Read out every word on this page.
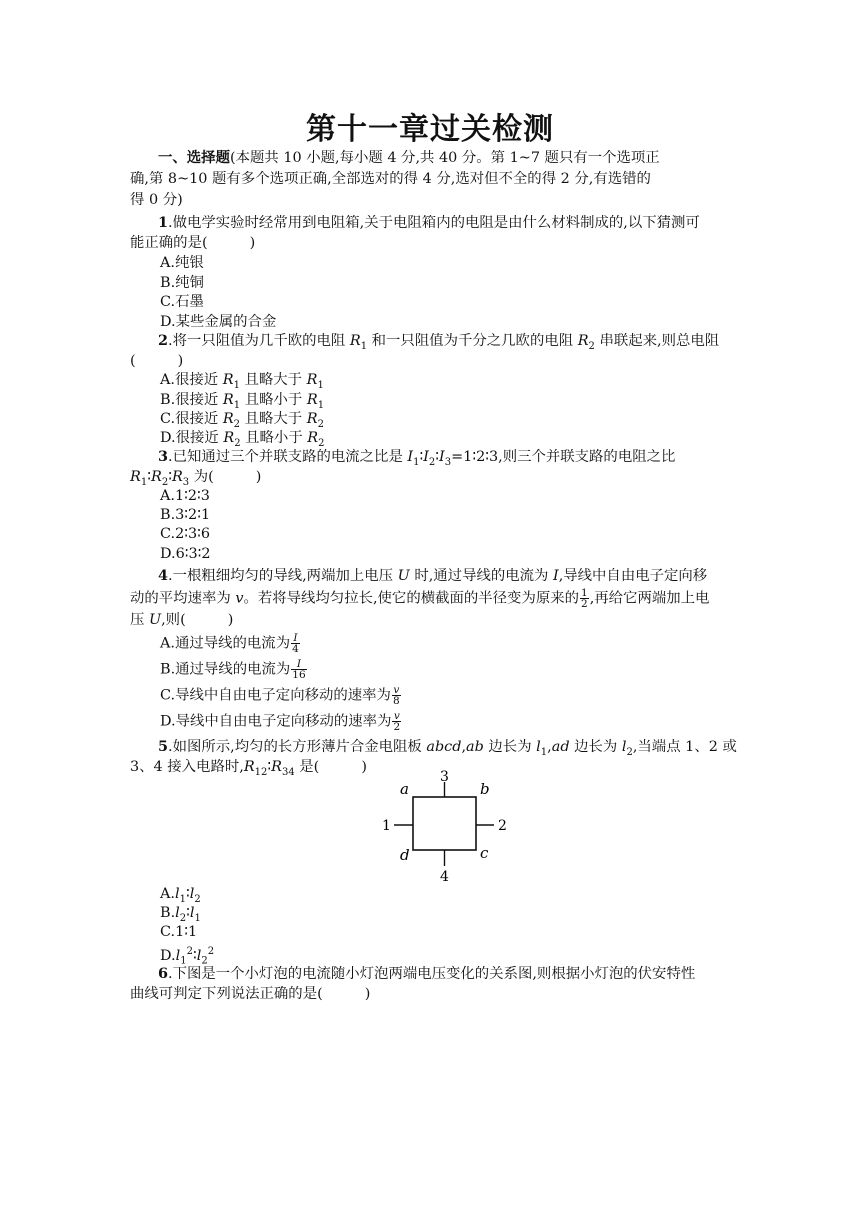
第十一章过关检测
一、选择题(本题共 10 小题,每小题 4 分,共 40 分。第 1~7 题只有一个选项正
确,第 8~10 题有多个选项正确,全部选对的得 4 分,选对但不全的得 2 分,有选错的
得 0 分)
1.做电学实验时经常用到电阻箱,关于电阻箱内的电阻是由什么材料制成的,以下猜测可
能正确的是(	)
A.纯银
B.纯铜
C.石墨
D.某些金属的合金
2.将一只阻值为几千欧的电阻 $R_1$ 和一只阻值为千分之几欧的电阻 $R_2$ 串联起来,则总电阻
(	)
A.很接近 $R_1$ 且略大于 $R_1$
B.很接近 $R_1$ 且略小于 $R_1$
C.很接近 $R_2$ 且略大于 $R_2$
D.很接近 $R_2$ 且略小于 $R_2$
3.已知通过三个并联支路的电流之比是 $I_1∶I_2∶I_3=1∶2∶3$,则三个并联支路的电阻之比
$R_1∶R_2∶R_3$ 为(	)
A.1∶2∶3
B.3∶2∶1
C.2∶3∶6
D.6∶3∶2
4.一根粗细均匀的导线,两端加上电压 U 时,通过导线的电流为 I,导线中自由电子定向移
动的平均速率为 v。若将导线均匀拉长,使它的横截面的半径变为原来的 $\frac{1}{2}$ ,再给它两端加上电
压 U,则(	)
A.通过导线的电流为 $\frac{I}{4}$
B.通过导线的电流为 $\frac{I}{16}$
C.导线中自由电子定向移动的速率为 $\frac{v}{8}$
D.导线中自由电子定向移动的速率为 $\frac{v}{2}$
5.如图所示,均匀的长方形薄片合金电阻板 abcd,ab 边长为 $l_1,ad$ 边长为 $l_2$,当端点 1、2 或
3、4 接入电路时$,R_{12}∶R_{34}$ 是(	)
3
4
1	2
a	b
c
d
$A.l_1∶l_2$
$B.l_2∶l_1$
C.1∶1
$D.l_1^2∶l_2^2$
6.下图是一个小灯泡的电流随小灯泡两端电压变化的关系图,则根据小灯泡的伏安特性
曲线可判定下列说法正确的是(	)
